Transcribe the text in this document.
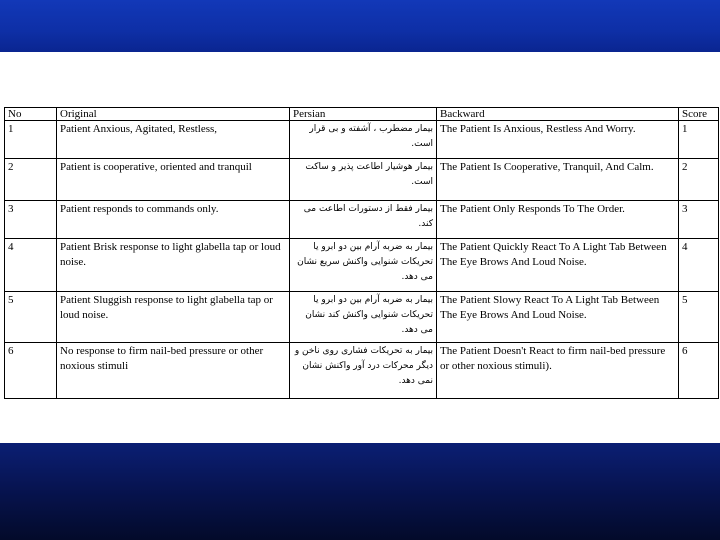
No	Original	Persian	Backward	Score
1	Patient Anxious, Agitated, Restless,	بیمار مضطرب ، آشفته و بی قرار است.	The Patient Is Anxious, Restless And Worry.	1
2	Patient is cooperative, oriented and tranquil	بیمار هوشیار اطاعت پذیر و ساکت است.	The Patient Is Cooperative, Tranquil, And Calm.	2
3	Patient responds to commands only.	بیمار فقط از دستورات اطاعت می کند.	The Patient Only Responds To The Order.	3
4	Patient Brisk response to light glabella tap or loud noise.	بیمار به ضربه آرام بین دو ابرو یا تحریکات شنوایی واکنش سریع نشان می دهد.	The Patient Quickly React To A Light Tab Between The Eye Brows And Loud Noise.	4
5	Patient Sluggish response to light glabella tap or loud noise.	بیمار به ضربه آرام بین دو ابرو یا تحریکات شنوایی واکنش کند نشان می دهد.	The Patient Slowy React To A Light Tab Between The Eye Brows And Loud Noise.	5
6	No response to firm nail-bed pressure or other noxious stimuli	بیمار به تحریکات فشاری روی ناخن و دیگر محرکات درد آور واکنش نشان نمی دهد.	The Patient Doesn't React to firm nail-bed pressure or other noxious stimuli).	6
